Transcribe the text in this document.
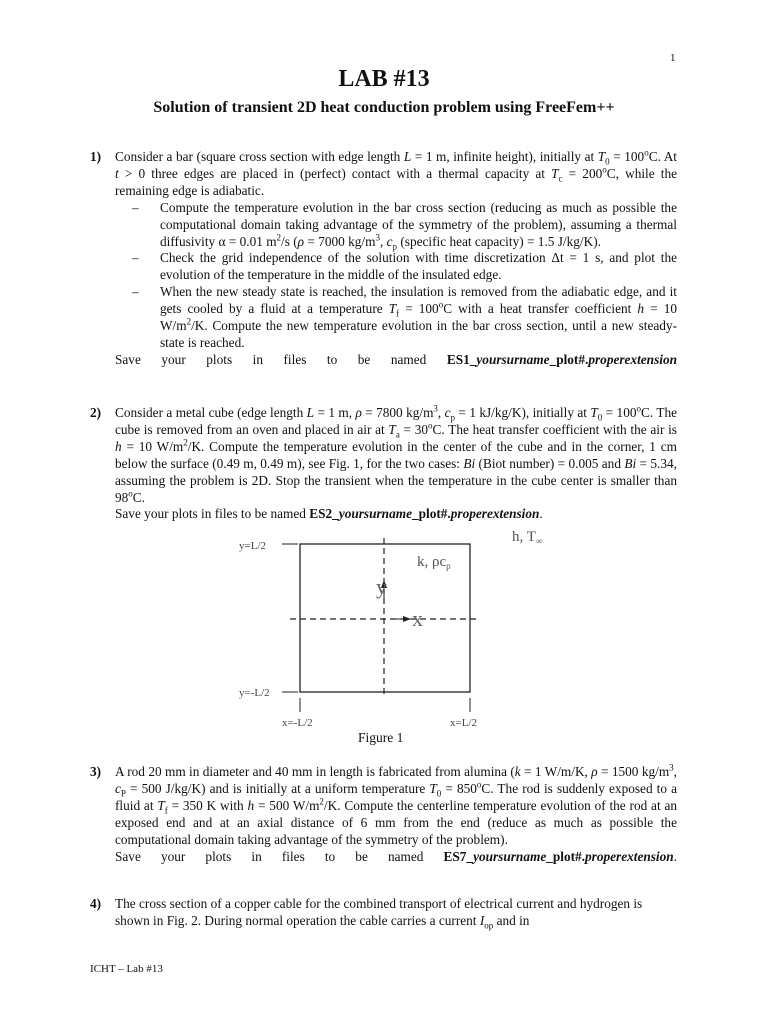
1
LAB #13
Solution of transient 2D heat conduction problem using FreeFem++
1) Consider a bar (square cross section with edge length L = 1 m, infinite height), initially at $T_0 = 100^oC$. At t > 0 three edges are placed in (perfect) contact with a thermal capacity at $T_c = 200^oC$, while the remaining edge is adiabatic.
– Compute the temperature evolution in the bar cross section (reducing as much as possible the computational domain taking advantage of the symmetry of the problem), assuming a thermal diffusivity α = 0.01 $m^2/s$ (ρ = 7000 $kg/m^3$, $c_p$ (specific heat capacity) = 1.5 J/kg/K).
– Check the grid independence of the solution with time discretization Δt = 1 s, and plot the evolution of the temperature in the middle of the insulated edge.
– When the new steady state is reached, the insulation is removed from the adiabatic edge, and it gets cooled by a fluid at a temperature $T_f = 100^oC$ with a heat transfer coefficient h = 10 $W/m^2/K$. Compute the new temperature evolution in the bar cross section, until a new steady-state is reached.
Save your plots in files to be named ES1_yoursurname_plot#.properextension
2) Consider a metal cube (edge length L = 1 m, ρ = 7800 $kg/m^3$, $c_p = 1$ kJ/kg/K), initially at $T_0 = 100^oC$. The cube is removed from an oven and placed in air at $T_a = 30^oC$. The heat transfer coefficient with the air is h = 10 $W/m^2/K$. Compute the temperature evolution in the center of the cube and in the corner, 1 cm below the surface (0.49 m, 0.49 m), see Fig. 1, for the two cases: Bi (Biot number) = 0.005 and Bi = 5.34, assuming the problem is 2D. Stop the transient when the temperature in the cube center is smaller than 98$^o$C.
Save your plots in files to be named ES2_yoursurname_plot#.properextension.
y=L/2
y=-L/2
x=-L/2	x=L/2
k, $\rho c_p$
h, $T_\infty$
y
x
Figure 1
3) A rod 20 mm in diameter and 40 mm in length is fabricated from alumina (k = 1 W/m/K, ρ = 1500 $kg/m^3$, $c_P = 500$ J/kg/K) and is initially at a uniform temperature $T_0 = 850^oC$. The rod is suddenly exposed to a fluid at $T_f = 350$ K with h = 500 $W/m^2/K$. Compute the centerline temperature evolution of the rod at an exposed end and at an axial distance of 6 mm from the end (reduce as much as possible the computational domain taking advantage of the symmetry of the problem).
Save your plots in files to be named ES7_yoursurname_plot#.properextension.
4) The cross section of a copper cable for the combined transport of electrical current and hydrogen is shown in Fig. 2. During normal operation the cable carries a current $I_{op}$ and in
ICHT – Lab #13
